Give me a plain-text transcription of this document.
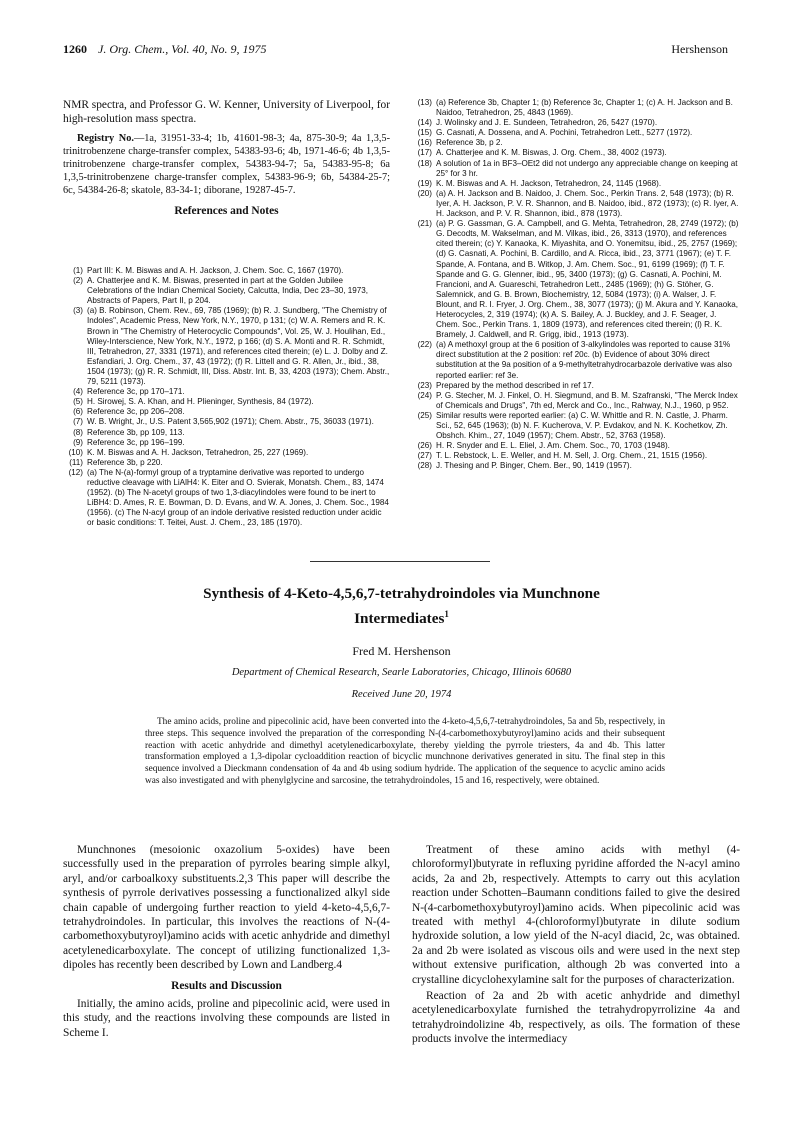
1260 J. Org. Chem., Vol. 40, No. 9, 1975	Hershenson

NMR spectra, and Professor G. W. Kenner, University of Liverpool, for high-resolution mass spectra.

Registry No.—1a, 31951-33-4; 1b, 41601-98-3; 4a, 875-30-9; 4a 1,3,5-trinitrobenzene charge-transfer complex, 54383-93-6; 4b, 1971-46-6; 4b 1,3,5-trinitrobenzene charge-transfer complex, 54383-94-7; 5a, 54383-95-8; 6a 1,3,5-trinitrobenzene charge-transfer complex, 54383-96-9; 6b, 54384-25-7; 6c, 54384-26-8; skatole, 83-34-1; diborane, 19287-45-7.

References and Notes
(1) Part III: K. M. Biswas and A. H. Jackson, J. Chem. Soc. C, 1667 (1970).
(2) A. Chatterjee and K. M. Biswas, presented in part at the Golden Jubilee Celebrations of the Indian Chemical Society, Calcutta, India, Dec 23–30, 1973, Abstracts of Papers, Part II, p 204.
(3) (a) B. Robinson, Chem. Rev., 69, 785 (1969); (b) R. J. Sundberg, "The Chemistry of Indoles", Academic Press, New York, N.Y., 1970, p 131; (c) W. A. Remers and R. K. Brown in "The Chemistry of Heterocyclic Compounds", Vol. 25, W. J. Houlihan, Ed., Wiley-Interscience, New York, N.Y., 1972, p 166; (d) S. A. Monti and R. R. Schmidt, III, Tetrahedron, 27, 3331 (1971), and references cited therein; (e) L. J. Dolby and Z. Esfandiari, J. Org. Chem., 37, 43 (1972); (f) R. Littell and G. R. Allen, Jr., ibid., 38, 1504 (1973); (g) R. R. Schmidt, III, Diss. Abstr. Int. B, 33, 4203 (1973); Chem. Abstr., 79, 5211 (1973).
(4) Reference 3c, pp 170–171.
(5) H. Sirowej, S. A. Khan, and H. Plieninger, Synthesis, 84 (1972).
(6) Reference 3c, pp 206–208.
(7) W. B. Wright, Jr., U.S. Patent 3,565,902 (1971); Chem. Abstr., 75, 36033 (1971).
(8) Reference 3b, pp 109, 113.
(9) Reference 3c, pp 196–199.
(10) K. M. Biswas and A. H. Jackson, Tetrahedron, 25, 227 (1969).
(11) Reference 3b, p 220.
(12) (a) The N-(a)-formyl group of a tryptamine derivative was reported to undergo reductive cleavage with LiAlH4: K. Eiter and O. Svierak, Monatsh. Chem., 83, 1474 (1952). (b) The N-acetyl groups of two 1,3-diacylindoles were found to be inert to LiBH4: D. Ames, R. E. Bowman, D. D. Evans, and W. A. Jones, J. Chem. Soc., 1984 (1956). (c) The N-acyl group of an indole derivative resisted reduction under acidic or basic conditions: T. Teitei, Aust. J. Chem., 23, 185 (1970).
(13) (a) Reference 3b, Chapter 1; (b) Reference 3c, Chapter 1; (c) A. H. Jackson and B. Naidoo, Tetrahedron, 25, 4843 (1969).
(14) J. Wolinsky and J. E. Sundeen, Tetrahedron, 26, 5427 (1970).
(15) G. Casnati, A. Dossena, and A. Pochini, Tetrahedron Lett., 5277 (1972).
(16) Reference 3b, p 2.
(17) A. Chatterjee and K. M. Biswas, J. Org. Chem., 38, 4002 (1973).
(18) A solution of 1a in BF3–OEt2 did not undergo any appreciable change on keeping at 25° for 3 hr.
(19) K. M. Biswas and A. H. Jackson, Tetrahedron, 24, 1145 (1968).
(20) (a) A. H. Jackson and B. Naidoo, J. Chem. Soc., Perkin Trans. 2, 548 (1973); (b) R. Iyer, A. H. Jackson, P. V. R. Shannon, and B. Naidoo, ibid., 872 (1973); (c) R. Iyer, A. H. Jackson, and P. V. R. Shannon, ibid., 878 (1973).
(21) (a) P. G. Gassman, G. A. Campbell, and G. Mehta, Tetrahedron, 28, 2749 (1972); (b) G. Decodts, M. Wakselman, and M. Vilkas, ibid., 26, 3313 (1970), and references cited therein; (c) Y. Kanaoka, K. Miyashita, and O. Yonemitsu, ibid., 25, 2757 (1969); (d) G. Casnati, A. Pochini, B. Cardillo, and A. Ricca, ibid., 23, 3771 (1967); (e) T. F. Spande, A. Fontana, and B. Witkop, J. Am. Chem. Soc., 91, 6199 (1969); (f) T. F. Spande and G. G. Glenner, ibid., 95, 3400 (1973); (g) G. Casnati, A. Pochini, M. Francioni, and A. Guareschi, Tetrahedron Lett., 2485 (1969); (h) G. Stöher, G. Salemnick, and G. B. Brown, Biochemistry, 12, 5084 (1973); (i) A. Walser, J. F. Blount, and R. I. Fryer, J. Org. Chem., 38, 3077 (1973); (j) M. Akura and Y. Kanaoka, Heterocycles, 2, 319 (1974); (k) A. S. Bailey, A. J. Buckley, and J. F. Seager, J. Chem. Soc., Perkin Trans. 1, 1809 (1973), and references cited therein; (l) R. K. Bramely, J. Caldwell, and R. Grigg, ibid., 1913 (1973).
(22) (a) A methoxyl group at the 6 position of 3-alkylindoles was reported to cause 31% direct substitution at the 2 position: ref 20c. (b) Evidence of about 30% direct substitution at the 9a position of a 9-methyltetrahydrocarbazole derivative was also reported earlier: ref 3e.
(23) Prepared by the method described in ref 17.
(24) P. G. Stecher, M. J. Finkel, O. H. Siegmund, and B. M. Szafranski, "The Merck Index of Chemicals and Drugs", 7th ed, Merck and Co., Inc., Rahway, N.J., 1960, p 952.
(25) Similar results were reported earlier: (a) C. W. Whittle and R. N. Castle, J. Pharm. Sci., 52, 645 (1963); (b) N. F. Kucherova, V. P. Evdakov, and N. K. Kochetkov, Zh. Obshch. Khim., 27, 1049 (1957); Chem. Abstr., 52, 3763 (1958).
(26) H. R. Snyder and E. L. Eliel, J. Am. Chem. Soc., 70, 1703 (1948).
(27) T. L. Rebstock, L. E. Weller, and H. M. Sell, J. Org. Chem., 21, 1515 (1956).
(28) J. Thesing and P. Binger, Chem. Ber., 90, 1419 (1957).
Synthesis of 4-Keto-4,5,6,7-tetrahydroindoles via Munchnone
Intermediates$^1$
Fred M. Hershenson
Department of Chemical Research, Searle Laboratories, Chicago, Illinois 60680
Received June 20, 1974
The amino acids, proline and pipecolinic acid, have been converted into the 4-keto-4,5,6,7-tetrahydroindoles, 5a and 5b, respectively, in three steps. This sequence involved the preparation of the corresponding N-(4-carbomethoxybutyroyl)amino acids and their subsequent reaction with acetic anhydride and dimethyl acetylenedicarboxylate, thereby yielding the pyrrole triesters, 4a and 4b. This latter transformation employed a 1,3-dipolar cycloaddition reaction of bicyclic munchnone derivatives generated in situ. The final step in this sequence involved a Dieckmann condensation of 4a and 4b using sodium hydride. The application of the sequence to acyclic amino acids was also investigated and with phenylglycine and sarcosine, the tetrahydroindoles, 15 and 16, respectively, were obtained.

Munchnones (mesoionic oxazolium 5-oxides) have been successfully used in the preparation of pyrroles bearing simple alkyl, aryl, and/or carboalkoxy substituents.2,3 This paper will describe the synthesis of pyrrole derivatives possessing a functionalized alkyl side chain capable of undergoing further reaction to yield 4-keto-4,5,6,7-tetrahydroindoles. In particular, this involves the reactions of N-(4-carbomethoxybutyroyl)amino acids with acetic anhydride and dimethyl acetylenedicarboxylate. The concept of utilizing functionalized 1,3-dipoles has recently been described by Lown and Landberg.4

Results and Discussion

Initially, the amino acids, proline and pipecolinic acid, were used in this study, and the reactions involving these compounds are listed in Scheme I.

Treatment of these amino acids with methyl (4-chloroformyl)butyrate in refluxing pyridine afforded the N-acyl amino acids, 2a and 2b, respectively. Attempts to carry out this acylation reaction under Schotten–Baumann conditions failed to give the desired N-(4-carbomethoxybutyroyl)amino acids. When pipecolinic acid was treated with methyl 4-(chloroformyl)butyrate in dilute sodium hydroxide solution, a low yield of the N-acyl diacid, 2c, was obtained. 2a and 2b were isolated as viscous oils and were used in the next step without extensive purification, although 2b was converted into a crystalline dicyclohexylamine salt for the purposes of characterization.

Reaction of 2a and 2b with acetic anhydride and dimethyl acetylenedicarboxylate furnished the tetrahydropyrrolizine 4a and tetrahydroindolizine 4b, respectively, as oils. The formation of these products involve the intermediacy
